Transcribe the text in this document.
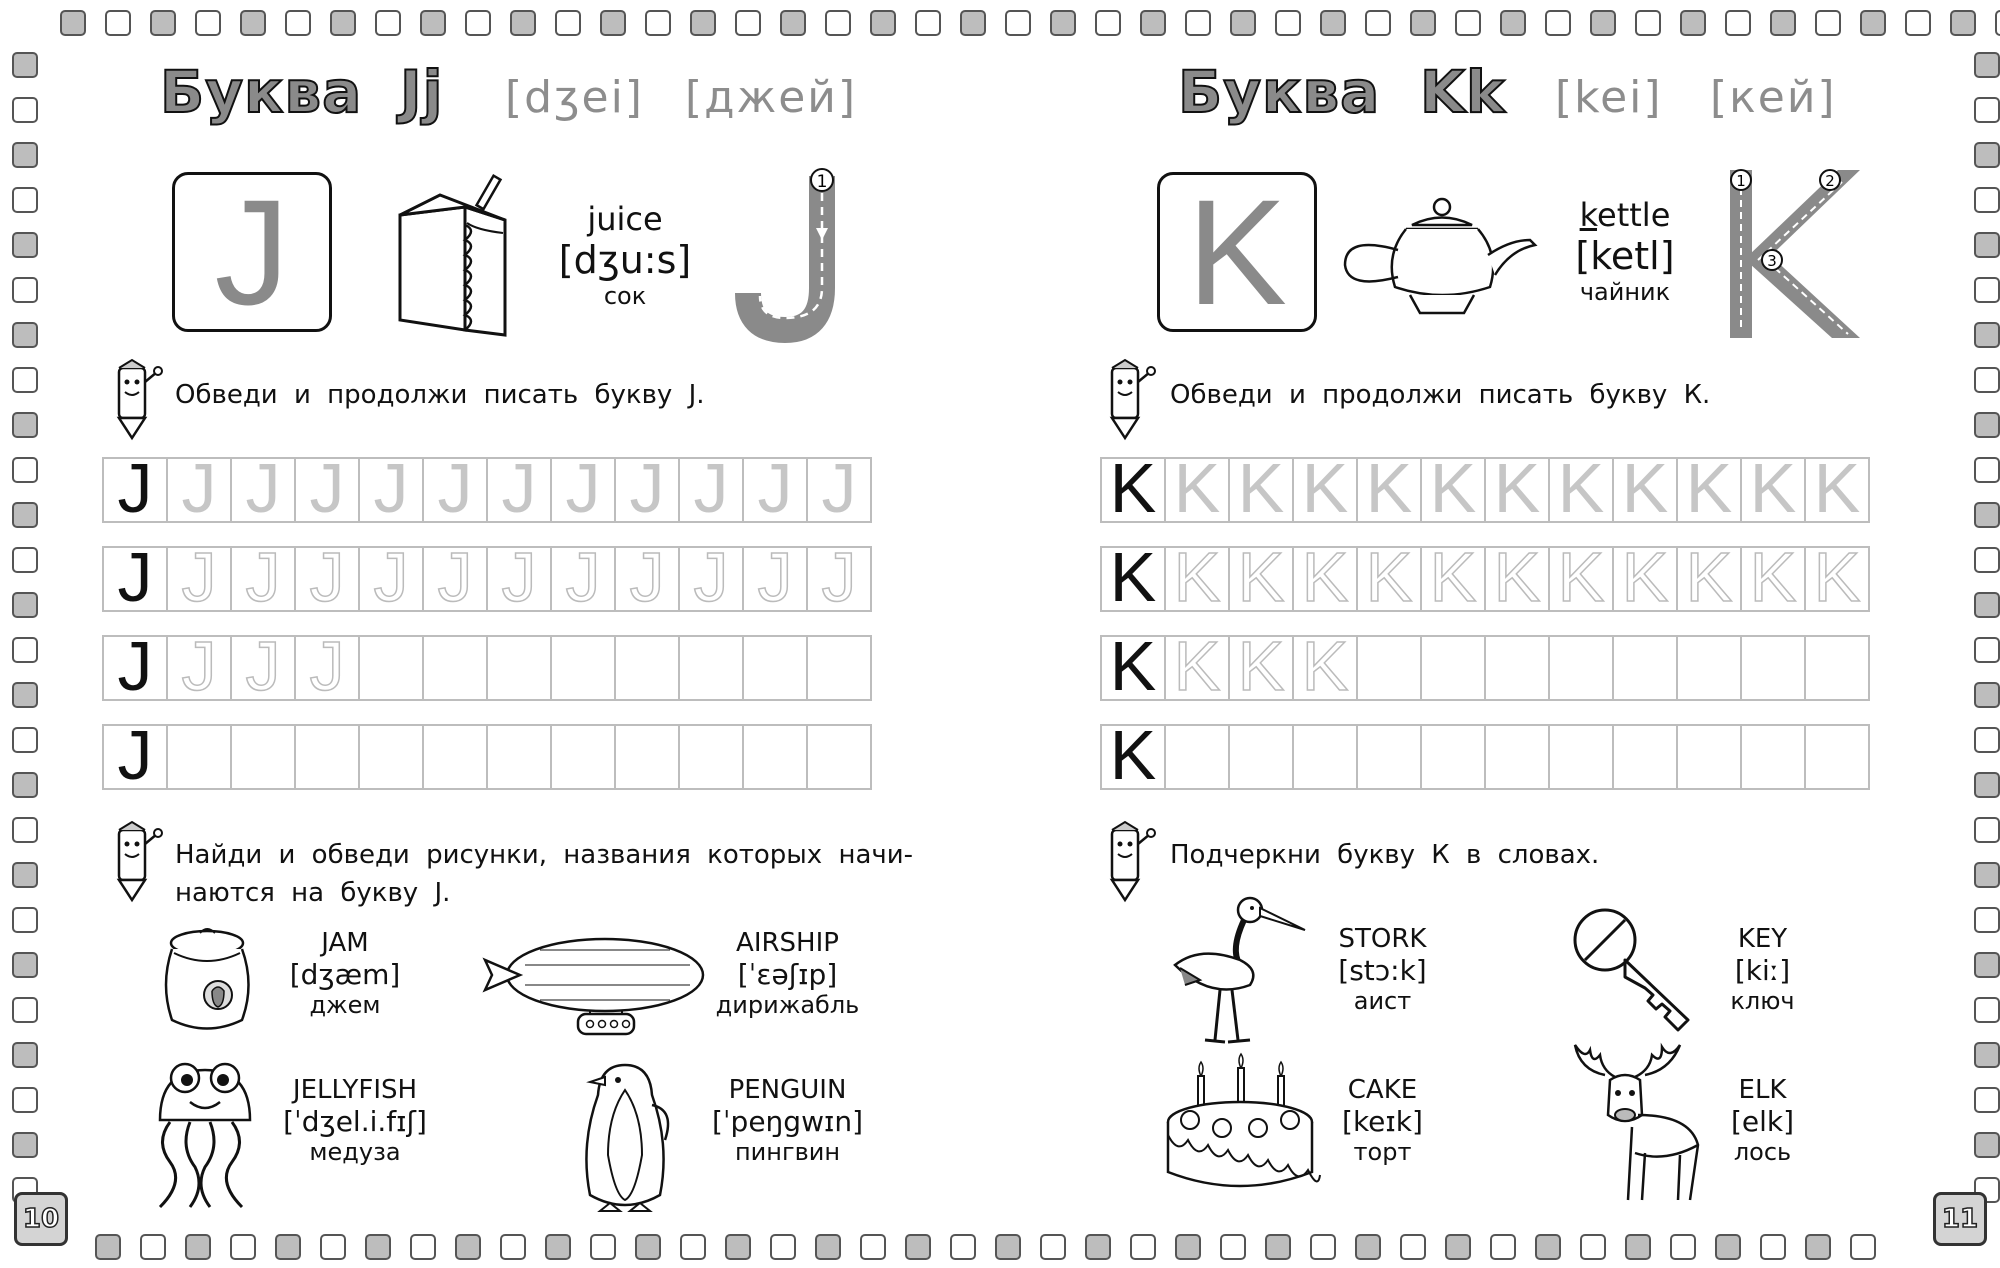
Буква Jj [dʒei] [джей]
J	juice
[dʒu:s]
сок
1
Обведи и продолжи писать букву J.
J J J J J J J J J J J J
J J J J J J J J J J J J
J J J J
J
Найди и обведи рисунки, названия которых начи-
наются на букву J.
JAM
[dʒæm]
джем
AIRSHIP
[ˈɛəʃɪp]
дирижабль
JELLYFISH
[ˈdʒel.i.fɪʃ]
медуза
PENGUIN
[ˈpeŋgwɪn]
пингвин
10
Буква Kk [kei] [кей]
K	kettle
[ketl]
чайник
1	2
3
Обведи и продолжи писать букву К.
K K K K K K K K K K K K
K K K K K K K K K K K K
K K K K
K
Подчеркни букву К в словах.
STORK
[stɔ:k]
аист
KEY
[kiː]
ключ
CAKE
[keɪk]
торт
ELK
[elk]
лось
11
